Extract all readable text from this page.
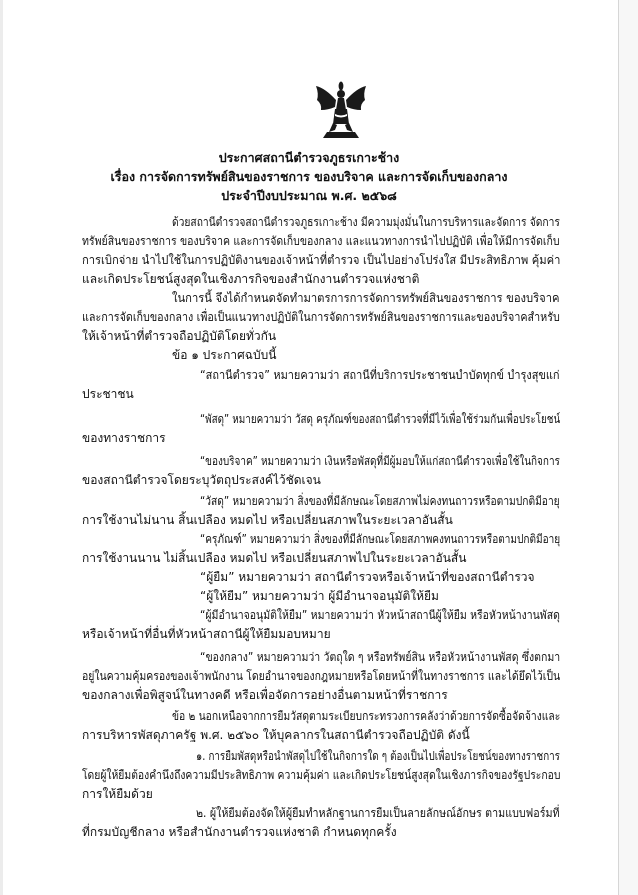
ประกาศสถานีตำรวจภูธรเกาะช้าง
เรื่อง การจัดการทรัพย์สินของราชการ ของบริจาค และการจัดเก็บของกลาง
ประจำปีงบประมาณ พ.ศ. ๒๕๖๘
ด้วยสถานีตำรวจสถานีตำรวจภูธรเกาะช้าง มีความมุ่งมั่นในการบริหารและจัดการ จัดการ
ทรัพย์สินของราชการ ของบริจาค และการจัดเก็บของกลาง และแนวทางการนำไปปฏิบัติ เพื่อให้มีการจัดเก็บ
การเบิกจ่าย นำไปใช้ในการปฏิบัติงานของเจ้าหน้าที่ตำรวจ เป็นไปอย่างโปร่งใส มีประสิทธิภาพ คุ้มค่า
และเกิดประโยชน์สูงสุดในเชิงภารกิจของสำนักงานตำรวจแห่งชาติ
ในการนี้ จึงได้กำหนดจัดทำมาตรการการจัดการทรัพย์สินของราชการ ของบริจาค
และการจัดเก็บของกลาง เพื่อเป็นแนวทางปฏิบัติในการจัดการทรัพย์สินของราชการและของบริจาคสำหรับ
ให้เจ้าหน้าที่ตำรวจถือปฏิบัติโดยทั่วกัน
ข้อ ๑ ประกาศฉบับนี้
“สถานีตำรวจ” หมายความว่า สถานีที่บริการประชาชนบำบัดทุกข์ บำรุงสุขแก่
ประชาชน
“พัสดุ” หมายความว่า วัสดุ ครุภัณฑ์ของสถานีตำรวจที่มีไว้เพื่อใช้ร่วมกันเพื่อประโยชน์
ของทางราชการ
“ของบริจาค” หมายความว่า เงินหรือพัสดุที่มีผู้มอบให้แก่สถานีตำรวจเพื่อใช้ในกิจการ
ของสถานีตำรวจโดยระบุวัตถุประสงค์ไว้ชัดเจน
“วัสดุ” หมายความว่า สิ่งของที่มีลักษณะโดยสภาพไม่คงทนถาวรหรือตามปกติมีอายุ
การใช้งานไม่นาน สิ้นเปลือง หมดไป หรือเปลี่ยนสภาพในระยะเวลาอันสั้น
“ครุภัณฑ์” หมายความว่า สิ่งของที่มีลักษณะโดยสภาพคงทนถาวรหรือตามปกติมีอายุ
การใช้งานนาน ไม่สิ้นเปลือง หมดไป หรือเปลี่ยนสภาพไปในระยะเวลาอันสั้น
“ผู้ยืม” หมายความว่า สถานีตำรวจหรือเจ้าหน้าที่ของสถานีตำรวจ
“ผู้ให้ยืม” หมายความว่า ผู้มีอำนาจอนุมัติให้ยืม
“ผู้มีอำนาจอนุมัติให้ยืม” หมายความว่า หัวหน้าสถานีผู้ให้ยืม หรือหัวหน้างานพัสดุ
หรือเจ้าหน้าที่อื่นที่หัวหน้าสถานีผู้ให้ยืมมอบหมาย
“ของกลาง” หมายความว่า วัตถุใด ๆ หรือทรัพย์สิน หรือหัวหน้างานพัสดุ ซึ่งตกมา
อยู่ในความคุ้มครองของเจ้าพนักงาน โดยอำนาจของกฎหมายหรือโดยหน้าที่ในทางราชการ และได้ยึดไว้เป็น
ของกลางเพื่อพิสูจน์ในทางคดี หรือเพื่อจัดการอย่างอื่นตามหน้าที่ราชการ
ข้อ ๒ นอกเหนือจากการยืมวัสดุตามระเบียบกระทรวงการคลังว่าด้วยการจัดซื้อจัดจ้างและ
การบริหารพัสดุภาครัฐ พ.ศ. ๒๕๖๐ ให้บุคลากรในสถานีตำรวจถือปฏิบัติ ดังนี้
๑. การยืมพัสดุหรือนำพัสดุไปใช้ในกิจการใด ๆ ต้องเป็นไปเพื่อประโยชน์ของทางราชการ
โดยผู้ให้ยืมต้องคำนึงถึงความมีประสิทธิภาพ ความคุ้มค่า และเกิดประโยชน์สูงสุดในเชิงภารกิจของรัฐประกอบ
การให้ยืมด้วย
๒. ผู้ให้ยืมต้องจัดให้ผู้ยืมทำหลักฐานการยืมเป็นลายลักษณ์อักษร ตามแบบฟอร์มที่
ที่กรมบัญชีกลาง หรือสำนักงานตำรวจแห่งชาติ กำหนดทุกครั้ง
